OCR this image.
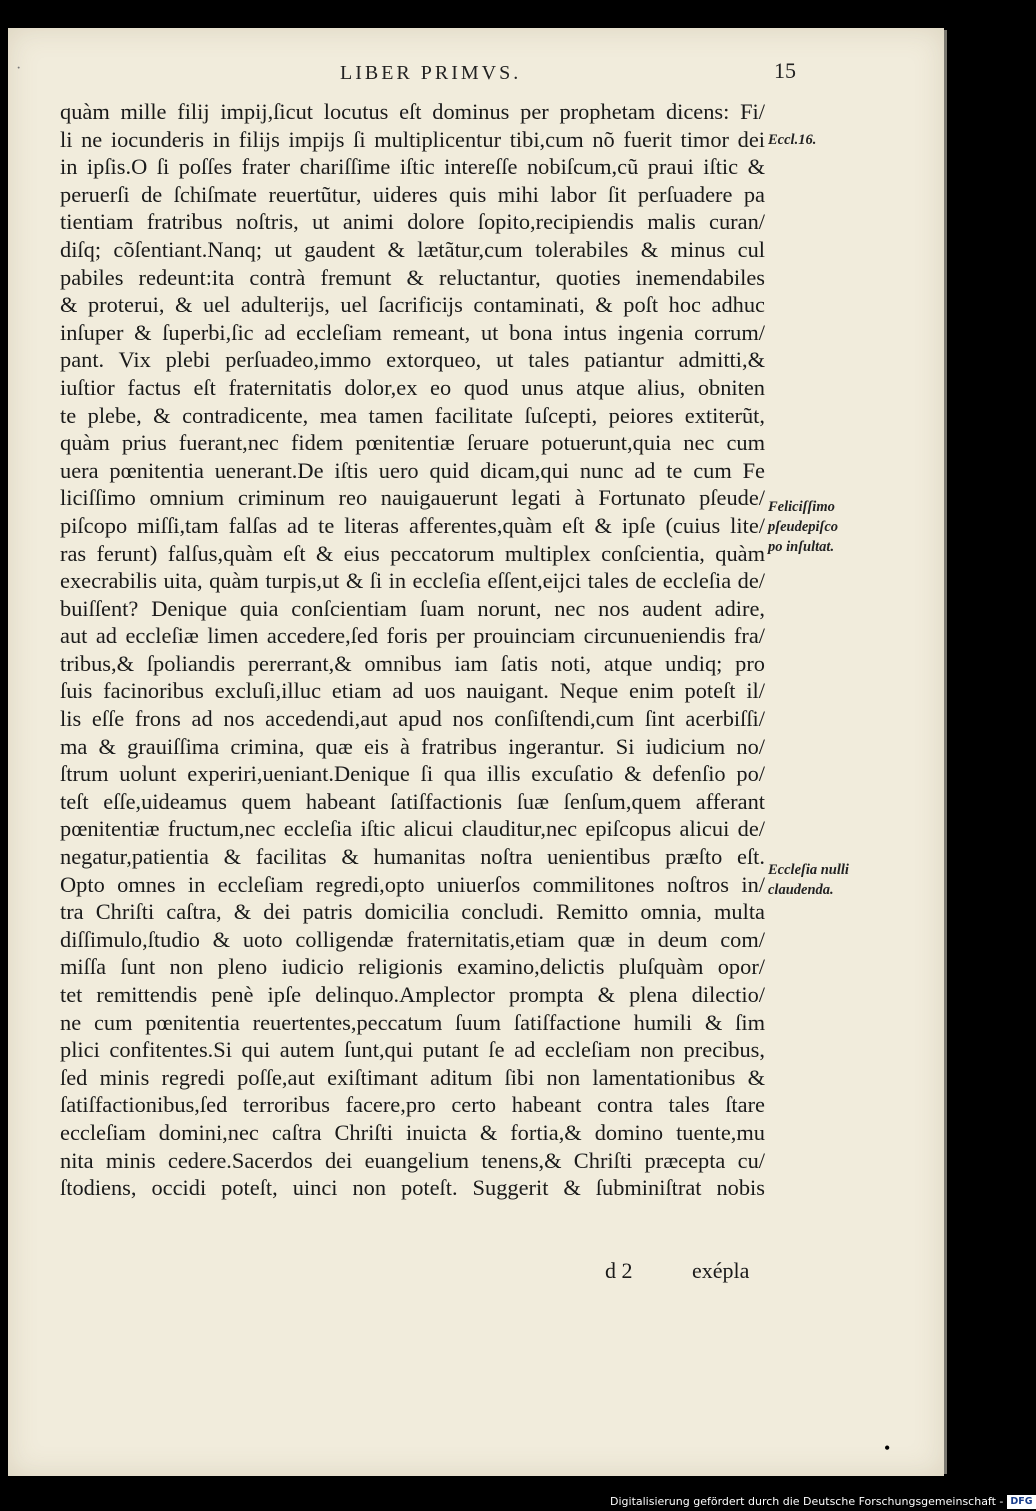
LIBER PRIMVS.	15
quàm mille filij impij,ſicut locutus eſt dominus per prophetam dicens: Fi/
li ne iocunderis in filijs impijs ſi multiplicentur tibi,cum nõ fuerit timor dei
in ipſis.O ſi poſſes frater chariſſime iſtic intereſſe nobiſcum,cũ praui iſtic &
peruerſi de ſchiſmate reuertũtur, uideres quis mihi labor ſit perſuadere pa
tientiam fratribus noſtris, ut animi dolore ſopito,recipiendis malis curan/
diſq; cõſentiant.Nanq; ut gaudent & lætãtur,cum tolerabiles & minus cul
pabiles redeunt:ita contrà fremunt & reluctantur, quoties inemendabiles
& proterui, & uel adulterijs, uel ſacrificijs contaminati, & poſt hoc adhuc
inſuper & ſuperbi,ſic ad eccleſiam remeant, ut bona intus ingenia corrum/
pant. Vix plebi perſuadeo,immo extorqueo, ut tales patiantur admitti,&
iuſtior factus eſt fraternitatis dolor,ex eo quod unus atque alius, obniten
te plebe, & contradicente, mea tamen facilitate ſuſcepti, peiores extiterũt,
quàm prius fuerant,nec fidem pœnitentiæ ſeruare potuerunt,quia nec cum
uera pœnitentia uenerant.De iſtis uero quid dicam,qui nunc ad te cum Fe
liciſſimo omnium criminum reo nauigauerunt legati à Fortunato pſeude/
piſcopo miſſi,tam falſas ad te literas afferentes,quàm eſt & ipſe (cuius lite/
ras ferunt) falſus,quàm eſt & eius peccatorum multiplex conſcientia, quàm
execrabilis uita, quàm turpis,ut & ſi in eccleſia eſſent,eijci tales de eccleſia de/
buiſſent? Denique quia conſcientiam ſuam norunt, nec nos audent adire,
aut ad eccleſiæ limen accedere,ſed foris per prouinciam circunueniendis fra/
tribus,& ſpoliandis pererrant,& omnibus iam ſatis noti, atque undiq; pro
ſuis facinoribus excluſi,illuc etiam ad uos nauigant. Neque enim poteſt il/
lis eſſe frons ad nos accedendi,aut apud nos conſiſtendi,cum ſint acerbiſſi/
ma & grauiſſima crimina, quæ eis à fratribus ingerantur. Si iudicium no/
ſtrum uolunt experiri,ueniant.Denique ſi qua illis excuſatio & defenſio po/
teſt eſſe,uideamus quem habeant ſatiſfactionis ſuæ ſenſum,quem afferant
pœnitentiæ fructum,nec eccleſia iſtic alicui clauditur,nec epiſcopus alicui de/
negatur,patientia & facilitas & humanitas noſtra uenientibus præſto eſt.
Opto omnes in eccleſiam regredi,opto uniuerſos commilitones noſtros in/
tra Chriſti caſtra, & dei patris domicilia concludi. Remitto omnia, multa
diſſimulo,ſtudio & uoto colligendæ fraternitatis,etiam quæ in deum com/
miſſa ſunt non pleno iudicio religionis examino,delictis pluſquàm opor/
tet remittendis penè ipſe delinquo.Amplector prompta & plena dilectio/
ne cum pœnitentia reuertentes,peccatum ſuum ſatiſfactione humili & ſim
plici confitentes.Si qui autem ſunt,qui putant ſe ad eccleſiam non precibus,
ſed minis regredi poſſe,aut exiſtimant aditum ſibi non lamentationibus &
ſatiſfactionibus,ſed terroribus facere,pro certo habeant contra tales ſtare
eccleſiam domini,nec caſtra Chriſti inuicta & fortia,& domino tuente,mu
nita minis cedere.Sacerdos dei euangelium tenens,& Chriſti præcepta cu/
ſtodiens, occidi poteſt, uinci non poteſt. Suggerit & ſubminiſtrat nobis
Eccl.16.
Feliciſſimo
pſeudepiſco
po inſultat.
Eccleſia nulli
claudenda.
d 2	exépla
·
•
Digitalisierung gefördert durch die Deutsche Forschungsgemeinschaft - DFG
